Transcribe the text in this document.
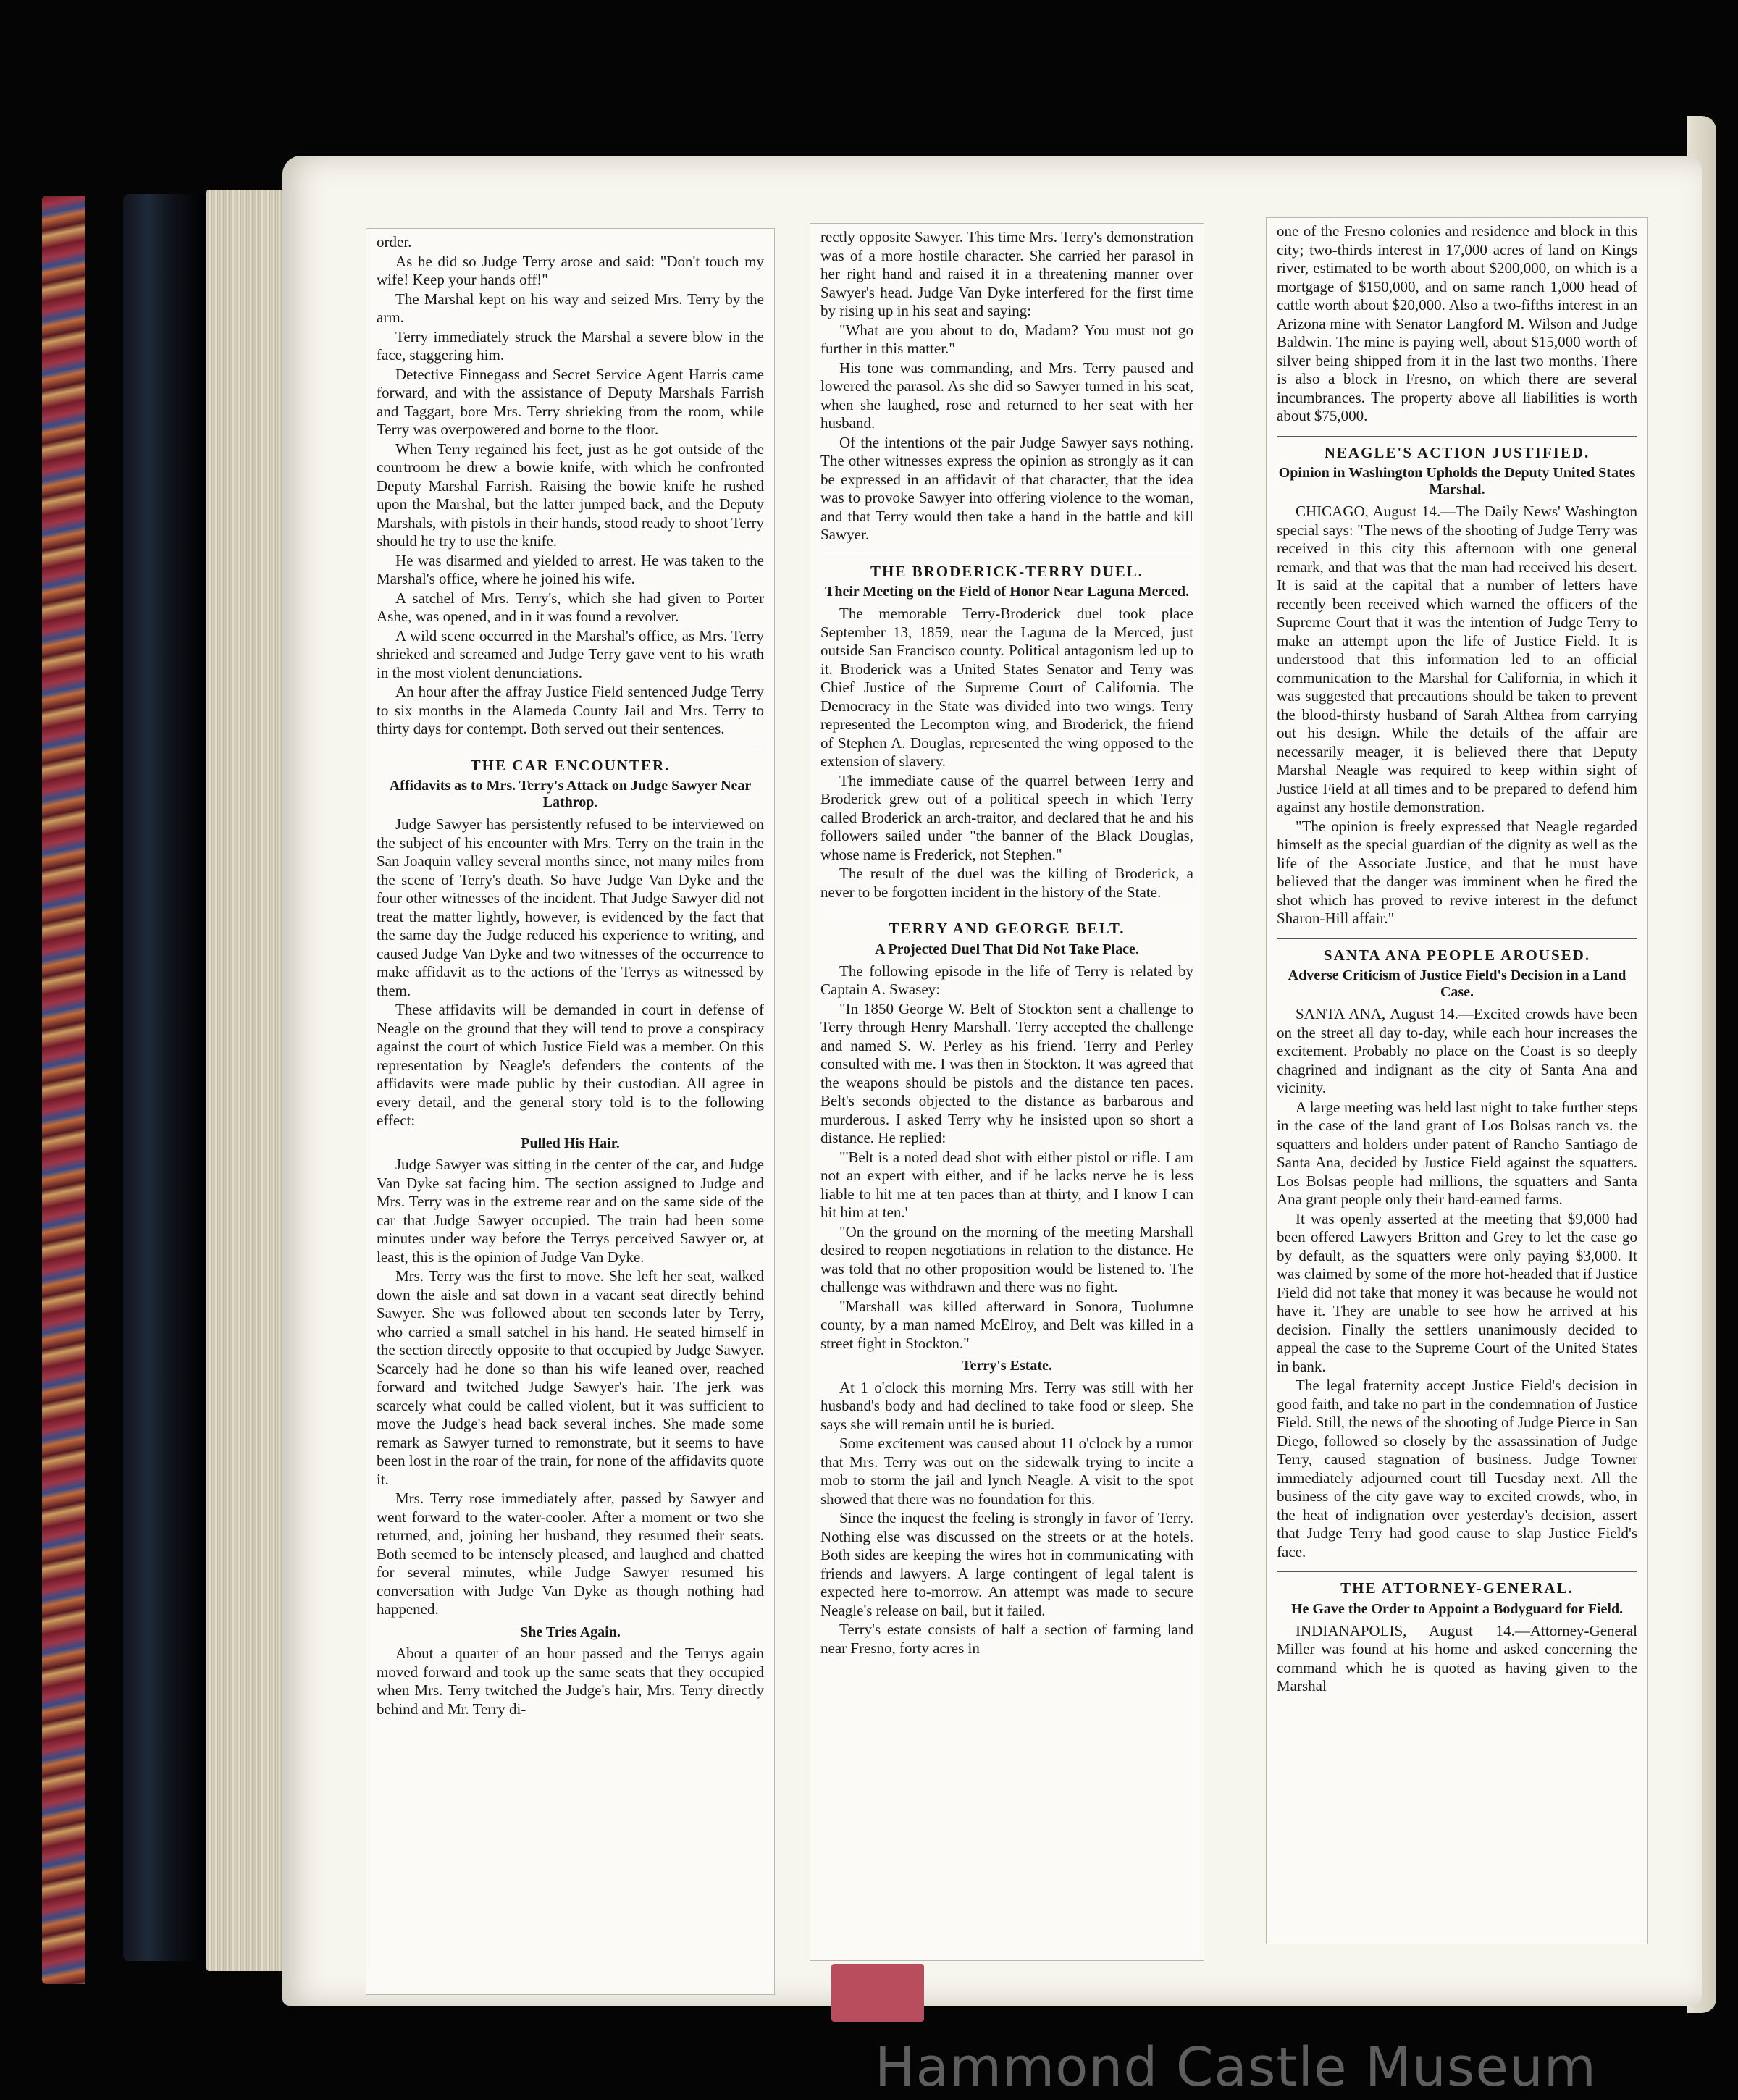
order.

As he did so Judge Terry arose and said: "Don't touch my wife! Keep your hands off!"

The Marshal kept on his way and seized Mrs. Terry by the arm.

Terry immediately struck the Marshal a severe blow in the face, staggering him.

Detective Finnegass and Secret Service Agent Harris came forward, and with the assistance of Deputy Marshals Farrish and Taggart, bore Mrs. Terry shrieking from the room, while Terry was overpowered and borne to the floor.

When Terry regained his feet, just as he got outside of the courtroom he drew a bowie knife, with which he confronted Deputy Marshal Farrish. Raising the bowie knife he rushed upon the Marshal, but the latter jumped back, and the Deputy Marshals, with pistols in their hands, stood ready to shoot Terry should he try to use the knife.

He was disarmed and yielded to arrest. He was taken to the Marshal's office, where he joined his wife.

A satchel of Mrs. Terry's, which she had given to Porter Ashe, was opened, and in it was found a revolver.

A wild scene occurred in the Marshal's office, as Mrs. Terry shrieked and screamed and Judge Terry gave vent to his wrath in the most violent denunciations.

An hour after the affray Justice Field sentenced Judge Terry to six months in the Alameda County Jail and Mrs. Terry to thirty days for contempt. Both served out their sentences.

THE CAR ENCOUNTER.
Affidavits as to Mrs. Terry's Attack on Judge Sawyer Near Lathrop.

Judge Sawyer has persistently refused to be interviewed on the subject of his encounter with Mrs. Terry on the train in the San Joaquin valley several months since, not many miles from the scene of Terry's death. So have Judge Van Dyke and the four other witnesses of the incident. That Judge Sawyer did not treat the matter lightly, however, is evidenced by the fact that the same day the Judge reduced his experience to writing, and caused Judge Van Dyke and two witnesses of the occurrence to make affidavit as to the actions of the Terrys as witnessed by them.

These affidavits will be demanded in court in defense of Neagle on the ground that they will tend to prove a conspiracy against the court of which Justice Field was a member. On this representation by Neagle's defenders the contents of the affidavits were made public by their custodian. All agree in every detail, and the general story told is to the following effect:

Pulled His Hair.

Judge Sawyer was sitting in the center of the car, and Judge Van Dyke sat facing him. The section assigned to Judge and Mrs. Terry was in the extreme rear and on the same side of the car that Judge Sawyer occupied. The train had been some minutes under way before the Terrys perceived Sawyer or, at least, this is the opinion of Judge Van Dyke.

Mrs. Terry was the first to move. She left her seat, walked down the aisle and sat down in a vacant seat directly behind Sawyer. She was followed about ten seconds later by Terry, who carried a small satchel in his hand. He seated himself in the section directly opposite to that occupied by Judge Sawyer. Scarcely had he done so than his wife leaned over, reached forward and twitched Judge Sawyer's hair. The jerk was scarcely what could be called violent, but it was sufficient to move the Judge's head back several inches. She made some remark as Sawyer turned to remonstrate, but it seems to have been lost in the roar of the train, for none of the affidavits quote it.

Mrs. Terry rose immediately after, passed by Sawyer and went forward to the water-cooler. After a moment or two she returned, and, joining her husband, they resumed their seats. Both seemed to be intensely pleased, and laughed and chatted for several minutes, while Judge Sawyer resumed his conversation with Judge Van Dyke as though nothing had happened.

She Tries Again.

About a quarter of an hour passed and the Terrys again moved forward and took up the same seats that they occupied when Mrs. Terry twitched the Judge's hair, Mrs. Terry directly behind and Mr. Terry di-

rectly opposite Sawyer. This time Mrs. Terry's demonstration was of a more hostile character. She carried her parasol in her right hand and raised it in a threatening manner over Sawyer's head. Judge Van Dyke interfered for the first time by rising up in his seat and saying:

"What are you about to do, Madam? You must not go further in this matter."

His tone was commanding, and Mrs. Terry paused and lowered the parasol. As she did so Sawyer turned in his seat, when she laughed, rose and returned to her seat with her husband.

Of the intentions of the pair Judge Sawyer says nothing. The other witnesses express the opinion as strongly as it can be expressed in an affidavit of that character, that the idea was to provoke Sawyer into offering violence to the woman, and that Terry would then take a hand in the battle and kill Sawyer.

THE BRODERICK-TERRY DUEL.
Their Meeting on the Field of Honor Near Laguna Merced.

The memorable Terry-Broderick duel took place September 13, 1859, near the Laguna de la Merced, just outside San Francisco county. Political antagonism led up to it. Broderick was a United States Senator and Terry was Chief Justice of the Supreme Court of California. The Democracy in the State was divided into two wings. Terry represented the Lecompton wing, and Broderick, the friend of Stephen A. Douglas, represented the wing opposed to the extension of slavery.

The immediate cause of the quarrel between Terry and Broderick grew out of a political speech in which Terry called Broderick an arch-traitor, and declared that he and his followers sailed under "the banner of the Black Douglas, whose name is Frederick, not Stephen."

The result of the duel was the killing of Broderick, a never to be forgotten incident in the history of the State.

TERRY AND GEORGE BELT.
A Projected Duel That Did Not Take Place.

The following episode in the life of Terry is related by Captain A. Swasey:

"In 1850 George W. Belt of Stockton sent a challenge to Terry through Henry Marshall. Terry accepted the challenge and named S. W. Perley as his friend. Terry and Perley consulted with me. I was then in Stockton. It was agreed that the weapons should be pistols and the distance ten paces. Belt's seconds objected to the distance as barbarous and murderous. I asked Terry why he insisted upon so short a distance. He replied:

"'Belt is a noted dead shot with either pistol or rifle. I am not an expert with either, and if he lacks nerve he is less liable to hit me at ten paces than at thirty, and I know I can hit him at ten.'

"On the ground on the morning of the meeting Marshall desired to reopen negotiations in relation to the distance. He was told that no other proposition would be listened to. The challenge was withdrawn and there was no fight.

"Marshall was killed afterward in Sonora, Tuolumne county, by a man named McElroy, and Belt was killed in a street fight in Stockton."

Terry's Estate.

At 1 o'clock this morning Mrs. Terry was still with her husband's body and had declined to take food or sleep. She says she will remain until he is buried.

Some excitement was caused about 11 o'clock by a rumor that Mrs. Terry was out on the sidewalk trying to incite a mob to storm the jail and lynch Neagle. A visit to the spot showed that there was no foundation for this.

Since the inquest the feeling is strongly in favor of Terry. Nothing else was discussed on the streets or at the hotels. Both sides are keeping the wires hot in communicating with friends and lawyers. A large contingent of legal talent is expected here to-morrow. An attempt was made to secure Neagle's release on bail, but it failed.

Terry's estate consists of half a section of farming land near Fresno, forty acres in

one of the Fresno colonies and residence and block in this city; two-thirds interest in 17,000 acres of land on Kings river, estimated to be worth about $200,000, on which is a mortgage of $150,000, and on same ranch 1,000 head of cattle worth about $20,000. Also a two-fifths interest in an Arizona mine with Senator Langford M. Wilson and Judge Baldwin. The mine is paying well, about $15,000 worth of silver being shipped from it in the last two months. There is also a block in Fresno, on which there are several incumbrances. The property above all liabilities is worth about $75,000.

NEAGLE'S ACTION JUSTIFIED.
Opinion in Washington Upholds the Deputy United States Marshal.

CHICAGO, August 14.—The Daily News' Washington special says: "The news of the shooting of Judge Terry was received in this city this afternoon with one general remark, and that was that the man had received his desert. It is said at the capital that a number of letters have recently been received which warned the officers of the Supreme Court that it was the intention of Judge Terry to make an attempt upon the life of Justice Field. It is understood that this information led to an official communication to the Marshal for California, in which it was suggested that precautions should be taken to prevent the blood-thirsty husband of Sarah Althea from carrying out his design. While the details of the affair are necessarily meager, it is believed there that Deputy Marshal Neagle was required to keep within sight of Justice Field at all times and to be prepared to defend him against any hostile demonstration.

"The opinion is freely expressed that Neagle regarded himself as the special guardian of the dignity as well as the life of the Associate Justice, and that he must have believed that the danger was imminent when he fired the shot which has proved to revive interest in the defunct Sharon-Hill affair."

SANTA ANA PEOPLE AROUSED.
Adverse Criticism of Justice Field's Decision in a Land Case.

SANTA ANA, August 14.—Excited crowds have been on the street all day to-day, while each hour increases the excitement. Probably no place on the Coast is so deeply chagrined and indignant as the city of Santa Ana and vicinity.

A large meeting was held last night to take further steps in the case of the land grant of Los Bolsas ranch vs. the squatters and holders under patent of Rancho Santiago de Santa Ana, decided by Justice Field against the squatters. Los Bolsas people had millions, the squatters and Santa Ana grant people only their hard-earned farms.

It was openly asserted at the meeting that $9,000 had been offered Lawyers Britton and Grey to let the case go by default, as the squatters were only paying $3,000. It was claimed by some of the more hot-headed that if Justice Field did not take that money it was because he would not have it. They are unable to see how he arrived at his decision. Finally the settlers unanimously decided to appeal the case to the Supreme Court of the United States in bank.

The legal fraternity accept Justice Field's decision in good faith, and take no part in the condemnation of Justice Field. Still, the news of the shooting of Judge Pierce in San Diego, followed so closely by the assassination of Judge Terry, caused stagnation of business. Judge Towner immediately adjourned court till Tuesday next. All the business of the city gave way to excited crowds, who, in the heat of indignation over yesterday's decision, assert that Judge Terry had good cause to slap Justice Field's face.

THE ATTORNEY-GENERAL.
He Gave the Order to Appoint a Bodyguard for Field.

INDIANAPOLIS, August 14.—Attorney-General Miller was found at his home and asked concerning the command which he is quoted as having given to the Marshal

Hammond Castle Museum
